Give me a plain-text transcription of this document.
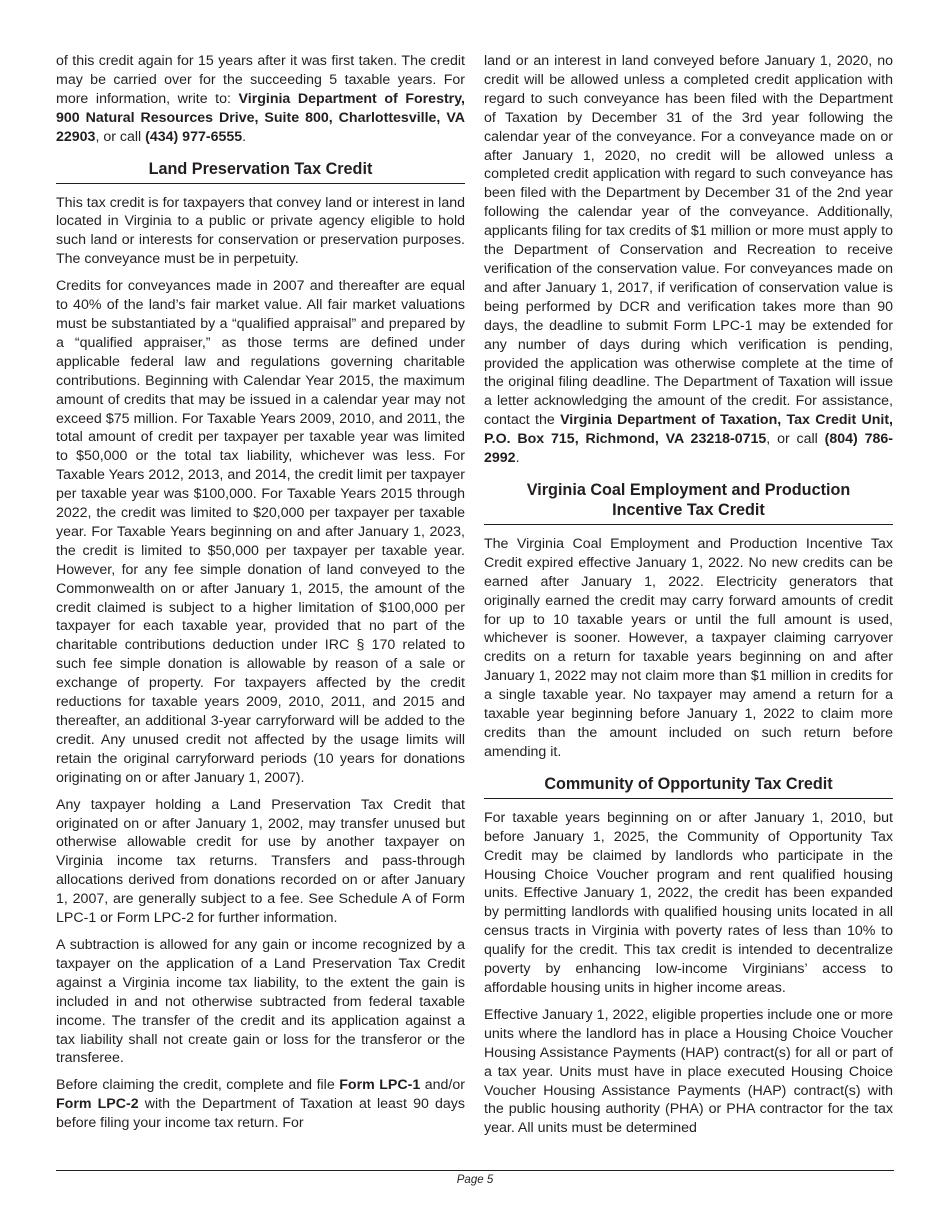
of this credit again for 15 years after it was first taken. The credit may be carried over for the succeeding 5 taxable years. For more information, write to: Virginia Department of Forestry, 900 Natural Resources Drive, Suite 800, Charlottesville, VA 22903, or call (434) 977-6555.

Land Preservation Tax Credit

This tax credit is for taxpayers that convey land or interest in land located in Virginia to a public or private agency eligible to hold such land or interests for conservation or preservation purposes. The conveyance must be in perpetuity.

Credits for conveyances made in 2007 and thereafter are equal to 40% of the land’s fair market value. All fair market valuations must be substantiated by a “qualified appraisal” and prepared by a “qualified appraiser,” as those terms are defined under applicable federal law and regulations governing charitable contributions. Beginning with Calendar Year 2015, the maximum amount of credits that may be issued in a calendar year may not exceed $75 million. For Taxable Years 2009, 2010, and 2011, the total amount of credit per taxpayer per taxable year was limited to $50,000 or the total tax liability, whichever was less. For Taxable Years 2012, 2013, and 2014, the credit limit per taxpayer per taxable year was $100,000. For Taxable Years 2015 through 2022, the credit was limited to $20,000 per taxpayer per taxable year. For Taxable Years beginning on and after January 1, 2023, the credit is limited to $50,000 per taxpayer per taxable year. However, for any fee simple donation of land conveyed to the Commonwealth on or after January 1, 2015, the amount of the credit claimed is subject to a higher limitation of $100,000 per taxpayer for each taxable year, provided that no part of the charitable contributions deduction under IRC § 170 related to such fee simple donation is allowable by reason of a sale or exchange of property. For taxpayers affected by the credit reductions for taxable years 2009, 2010, 2011, and 2015 and thereafter, an additional 3-year carryforward will be added to the credit. Any unused credit not affected by the usage limits will retain the original carryforward periods (10 years for donations originating on or after January 1, 2007).

Any taxpayer holding a Land Preservation Tax Credit that originated on or after January 1, 2002, may transfer unused but otherwise allowable credit for use by another taxpayer on Virginia income tax returns. Transfers and pass-through allocations derived from donations recorded on or after January 1, 2007, are generally subject to a fee. See Schedule A of Form LPC-1 or Form LPC-2 for further information.

A subtraction is allowed for any gain or income recognized by a taxpayer on the application of a Land Preservation Tax Credit against a Virginia income tax liability, to the extent the gain is included in and not otherwise subtracted from federal taxable income. The transfer of the credit and its application against a tax liability shall not create gain or loss for the transferor or the transferee.

Before claiming the credit, complete and file Form LPC-1 and/or Form LPC-2 with the Department of Taxation at least 90 days before filing your income tax return. For

land or an interest in land conveyed before January 1, 2020, no credit will be allowed unless a completed credit application with regard to such conveyance has been filed with the Department of Taxation by December 31 of the 3rd year following the calendar year of the conveyance. For a conveyance made on or after January 1, 2020, no credit will be allowed unless a completed credit application with regard to such conveyance has been filed with the Department by December 31 of the 2nd year following the calendar year of the conveyance. Additionally, applicants filing for tax credits of $1 million or more must apply to the Department of Conservation and Recreation to receive verification of the conservation value. For conveyances made on and after January 1, 2017, if verification of conservation value is being performed by DCR and verification takes more than 90 days, the deadline to submit Form LPC-1 may be extended for any number of days during which verification is pending, provided the application was otherwise complete at the time of the original filing deadline. The Department of Taxation will issue a letter acknowledging the amount of the credit. For assistance, contact the Virginia Department of Taxation, Tax Credit Unit, P.O. Box 715, Richmond, VA 23218-0715, or call (804) 786-2992.

Virginia Coal Employment and Production
Incentive Tax Credit

The Virginia Coal Employment and Production Incentive Tax Credit expired effective January 1, 2022. No new credits can be earned after January 1, 2022. Electricity generators that originally earned the credit may carry forward amounts of credit for up to 10 taxable years or until the full amount is used, whichever is sooner. However, a taxpayer claiming carryover credits on a return for taxable years beginning on and after January 1, 2022 may not claim more than $1 million in credits for a single taxable year. No taxpayer may amend a return for a taxable year beginning before January 1, 2022 to claim more credits than the amount included on such return before amending it.

Community of Opportunity Tax Credit

For taxable years beginning on or after January 1, 2010, but before January 1, 2025, the Community of Opportunity Tax Credit may be claimed by landlords who participate in the Housing Choice Voucher program and rent qualified housing units. Effective January 1, 2022, the credit has been expanded by permitting landlords with qualified housing units located in all census tracts in Virginia with poverty rates of less than 10% to qualify for the credit. This tax credit is intended to decentralize poverty by enhancing low-income Virginians’ access to affordable housing units in higher income areas.

Effective January 1, 2022, eligible properties include one or more units where the landlord has in place a Housing Choice Voucher Housing Assistance Payments (HAP) contract(s) for all or part of a tax year. Units must have in place executed Housing Choice Voucher Housing Assistance Payments (HAP) contract(s) with the public housing authority (PHA) or PHA contractor for the tax year. All units must be determined

Page 5
